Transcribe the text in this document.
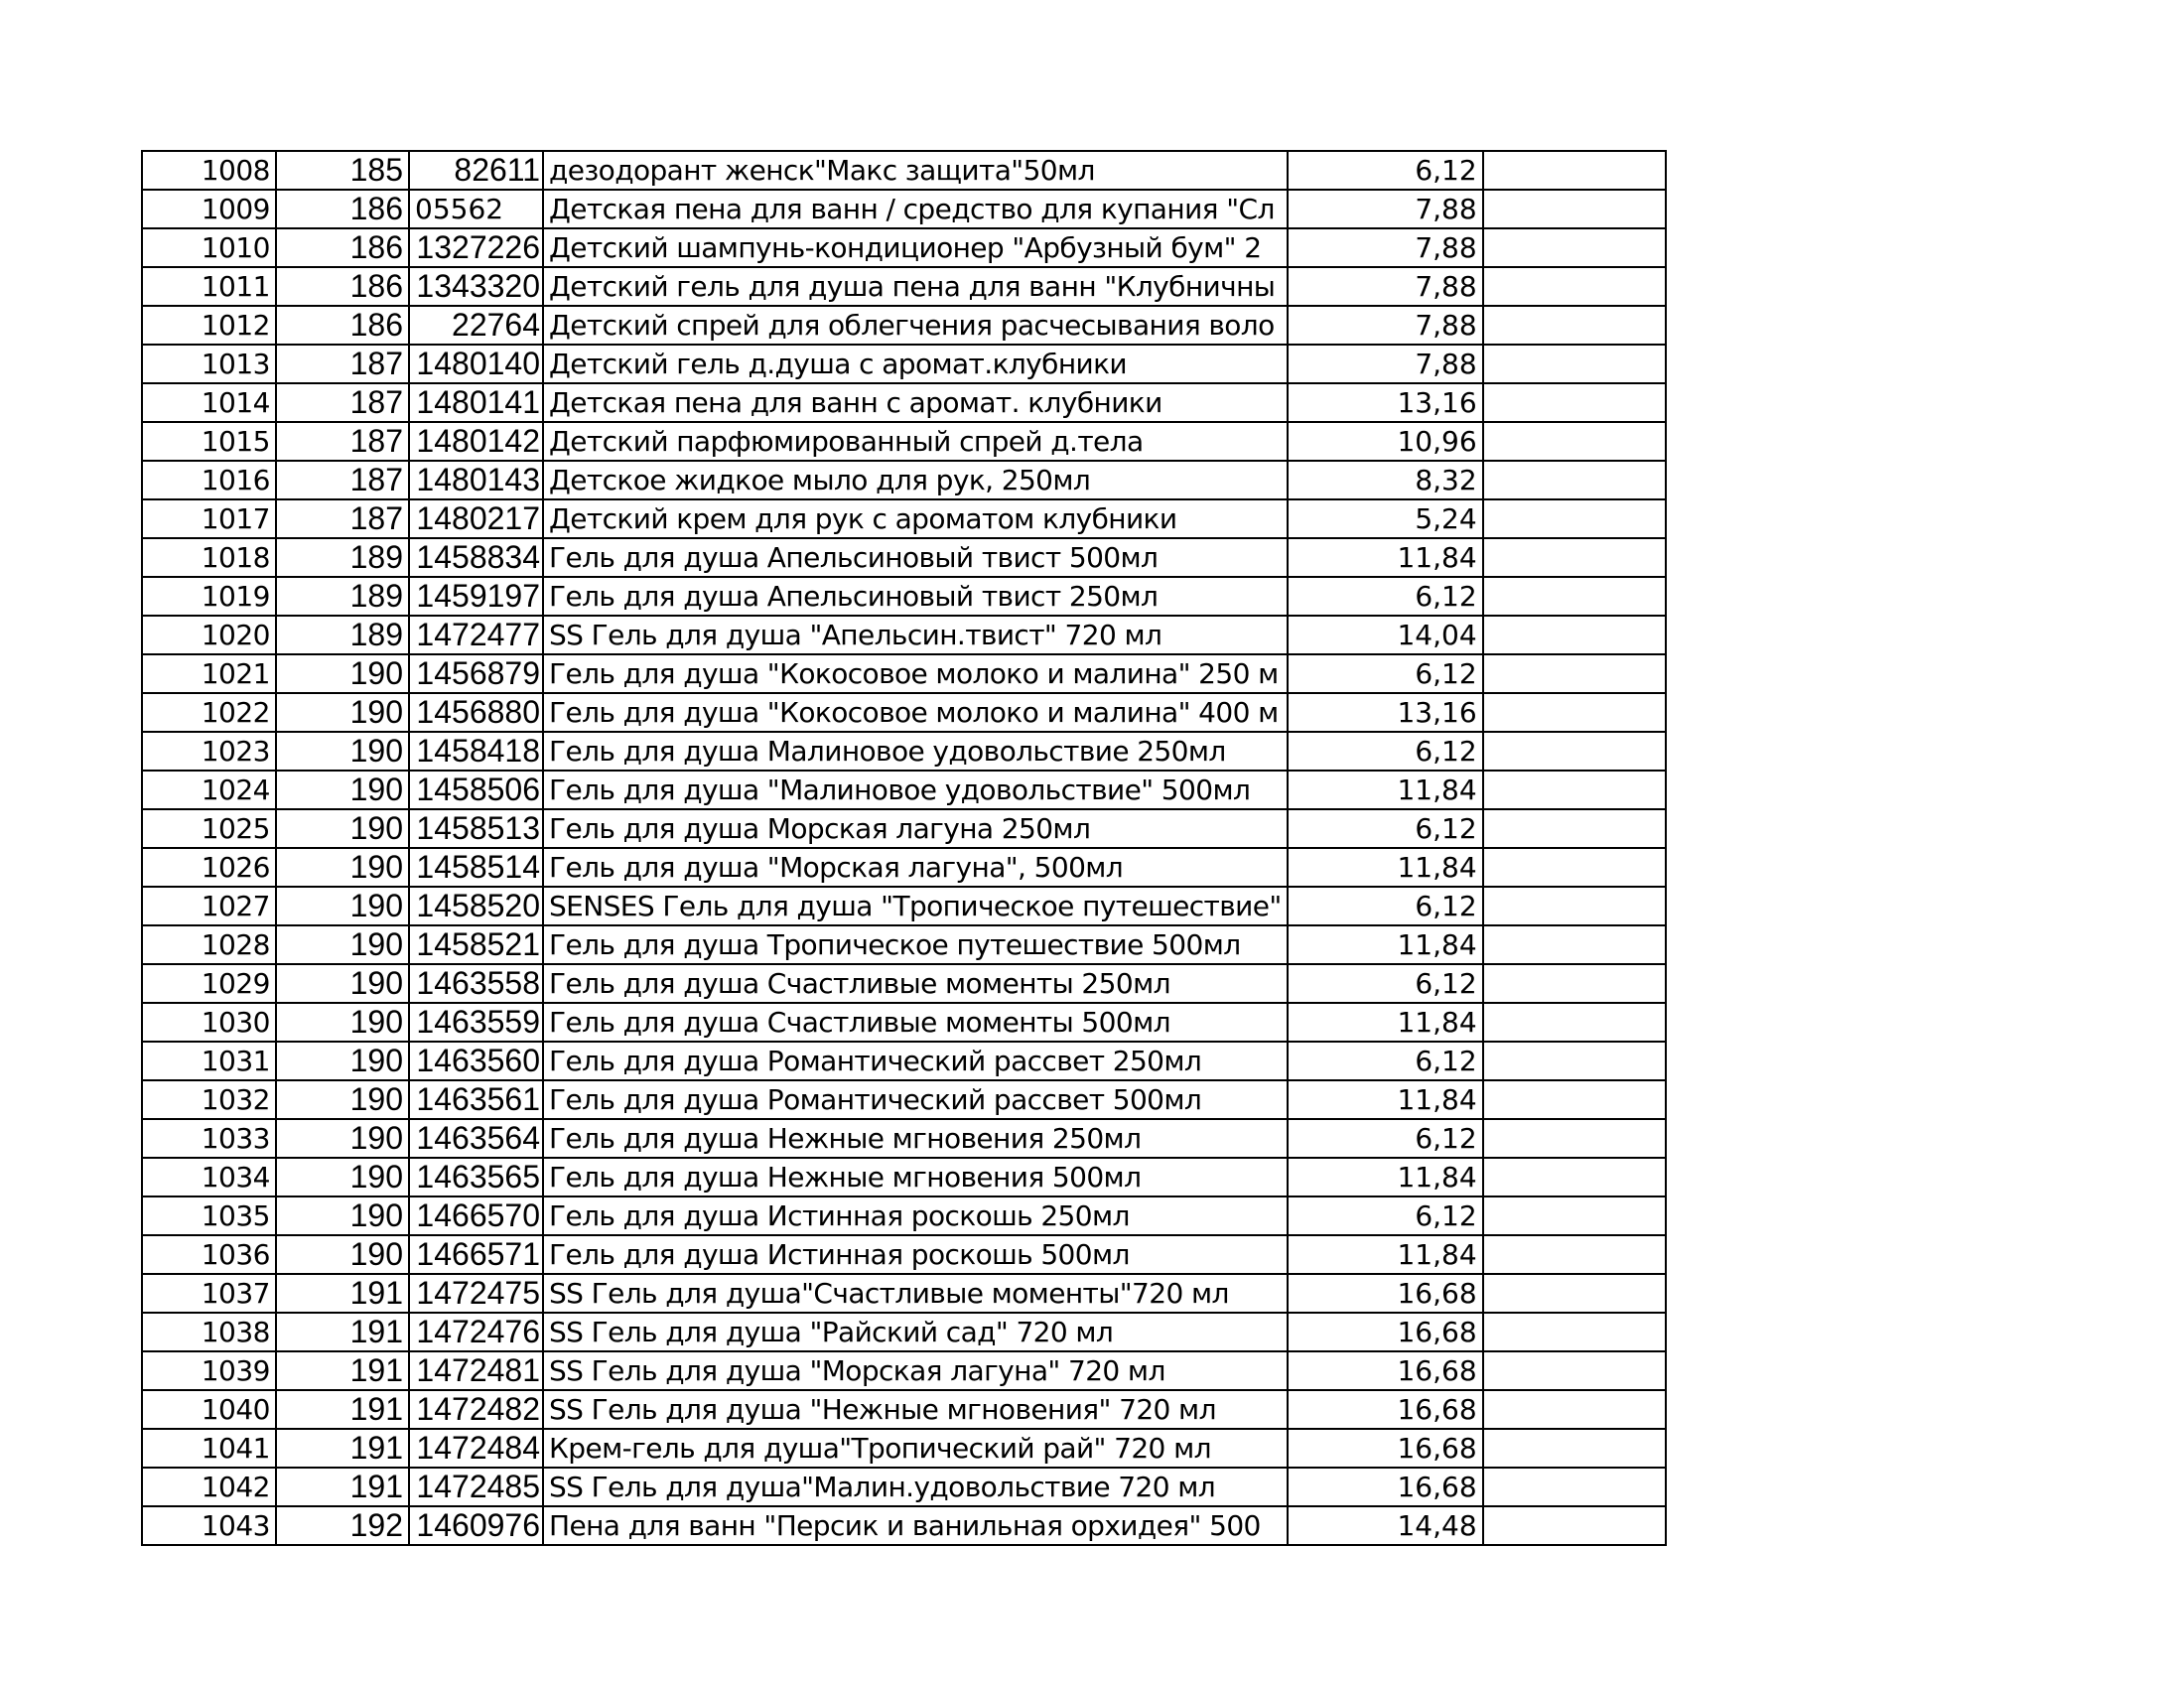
1008	185	82611	дезодорант женск"Макс защита"50мл	6,12	
1009	186	05562	Детская пена для ванн / средство для купания "Сл	7,88	
1010	186	1327226	Детский шампунь-кондиционер "Арбузный бум" 2	7,88	
1011	186	1343320	Детский гель для душа пена для ванн "Клубничны	7,88	
1012	186	22764	Детский спрей для облегчения расчесывания воло	7,88	
1013	187	1480140	Детский гель д.душа с аромат.клубники	7,88	
1014	187	1480141	Детская пена для ванн с аромат. клубники	13,16	
1015	187	1480142	Детский парфюмированный спрей д.тела	10,96	
1016	187	1480143	Детское жидкое мыло для рук, 250мл	8,32	
1017	187	1480217	Детский крем для рук с ароматом клубники	5,24	
1018	189	1458834	Гель для душа Апельсиновый твист 500мл	11,84	
1019	189	1459197	Гель для душа Апельсиновый твист 250мл	6,12	
1020	189	1472477	SS Гель для душа "Апельсин.твист" 720 мл	14,04	
1021	190	1456879	Гель для душа "Кокосовое молоко и малина" 250 м	6,12	
1022	190	1456880	Гель для душа "Кокосовое молоко и малина" 400 м	13,16	
1023	190	1458418	Гель для душа Малиновое удовольствие 250мл	6,12	
1024	190	1458506	Гель для душа "Малиновое удовольствие" 500мл	11,84	
1025	190	1458513	Гель для душа Морская лагуна 250мл	6,12	
1026	190	1458514	Гель для душа "Морская лагуна", 500мл	11,84	
1027	190	1458520	SENSES Гель для душа "Тропическое путешествие"	6,12	
1028	190	1458521	Гель для душа Тропическое путешествие 500мл	11,84	
1029	190	1463558	Гель для душа Счастливые моменты 250мл	6,12	
1030	190	1463559	Гель для душа Счастливые моменты 500мл	11,84	
1031	190	1463560	Гель для душа Романтический рассвет 250мл	6,12	
1032	190	1463561	Гель для душа Романтический рассвет 500мл	11,84	
1033	190	1463564	Гель для душа Нежные мгновения 250мл	6,12	
1034	190	1463565	Гель для душа Нежные мгновения 500мл	11,84	
1035	190	1466570	Гель для душа Истинная роскошь 250мл	6,12	
1036	190	1466571	Гель для душа Истинная роскошь 500мл	11,84	
1037	191	1472475	SS Гель для душа"Счастливые моменты"720 мл	16,68	
1038	191	1472476	SS Гель для душа "Райский сад" 720 мл	16,68	
1039	191	1472481	SS Гель для душа "Морская лагуна" 720 мл	16,68	
1040	191	1472482	SS Гель для душа "Нежные мгновения" 720 мл	16,68	
1041	191	1472484	Крем-гель для душа"Тропический рай" 720 мл	16,68	
1042	191	1472485	SS Гель для душа"Малин.удовольствие 720 мл	16,68	
1043	192	1460976	Пена для ванн "Персик и ванильная орхидея" 500	14,48	
